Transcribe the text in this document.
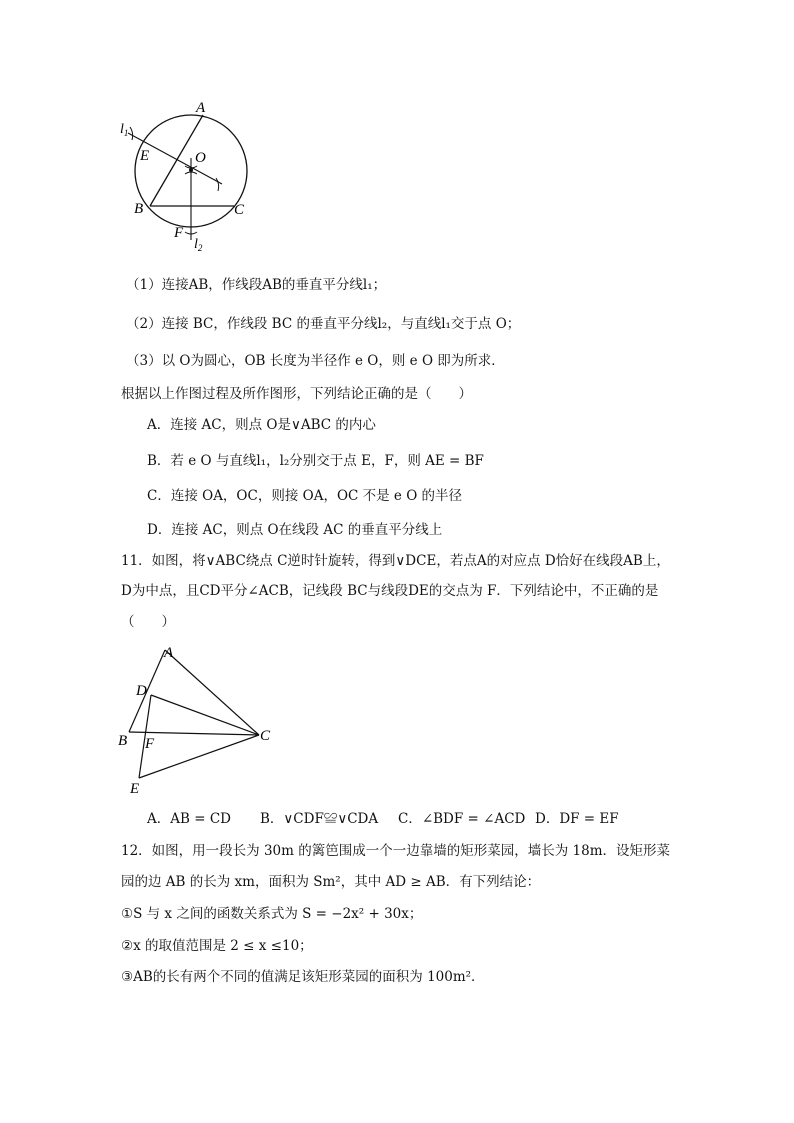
A
O
E
B	C
F
$l_1$
$l_2$
（1）连接AB，作线段AB的垂直平分线l₁；
（2）连接 BC，作线段 BC 的垂直平分线l₂，与直线l₁交于点 O；
（3）以 O为圆心，OB 长度为半径作 e O，则 e O 即为所求．
根据以上作图过程及所作图形，下列结论正确的是（　　）
A．连接 AC，则点 O是∨ABC 的内心
B．若 e O 与直线l₁，l₂分别交于点 E，F，则 AE = BF
C．连接 OA，OC，则接 OA，OC 不是 e O 的半径
D．连接 AC，则点 O在线段 AC 的垂直平分线上
11．如图，将∨ABC绕点 C逆时针旋转，得到∨DCE，若点A的对应点 D恰好在线段AB上，
D为中点，且CD平分∠ACB，记线段 BC与线段DE的交点为 F．下列结论中，不正确的是
（　　）
A
D
B F	C
E
A．AB = CD B．∨CDF≌∨CDA C．∠BDF = ∠ACD D．DF = EF
12．如图，用一段长为 30m 的篱笆围成一个一边靠墙的矩形菜园，墙长为 18m．设矩形菜
园的边 AB 的长为 xm，面积为 Sm²，其中 AD ≥ AB．有下列结论：
①S 与 x 之间的函数关系式为 S = −2x² + 30x；
②x 的取值范围是 2 ≤ x ≤10；
③AB的长有两个不同的值满足该矩形菜园的面积为 100m²．
